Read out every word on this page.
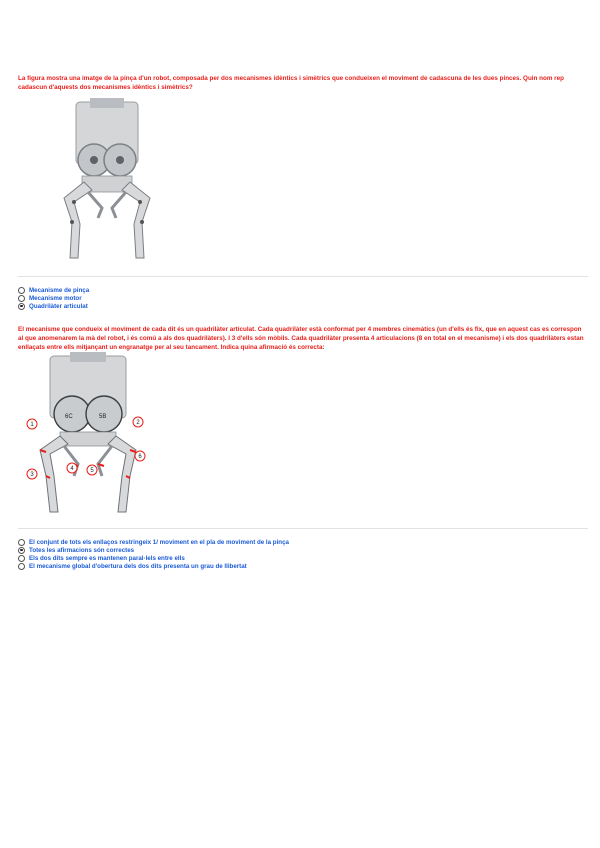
La figura mostra una imatge de la pinça d'un robot, composada per dos mecanismes idèntics i simètrics que condueixen el moviment de cadascuna de les dues pinces. Quin nom rep cadascun d'aquests dos mecanismes idèntics i simètrics?
Mecanisme de pinça
Mecanisme motor
Quadrilàter articulat
El mecanisme que condueix el moviment de cada dit és un quadrilàter articulat. Cada quadrilàter està conformat per 4 membres cinemàtics (un d'ells és fix, que en aquest cas es correspon al que anomenarem la mà del robot, i és comú a als dos quadrilàters). I 3 d'ells són mòbils. Cada quadrilàter presenta 4 articulacions (8 en total en el mecanisme) i els dos quadrilàters estan enllaçats entre ells mitjançant un engranatge per al seu tancament. Indica quina afirmació és correcta:
6C	5B
1	2
3
4	5
6
El conjunt de tots els enllaços restringeix 1/ moviment en el pla de moviment de la pinça
Totes les afirmacions són correctes
Els dos dits sempre es mantenen paral·lels entre ells
El mecanisme global d'obertura dels dos dits presenta un grau de llibertat
